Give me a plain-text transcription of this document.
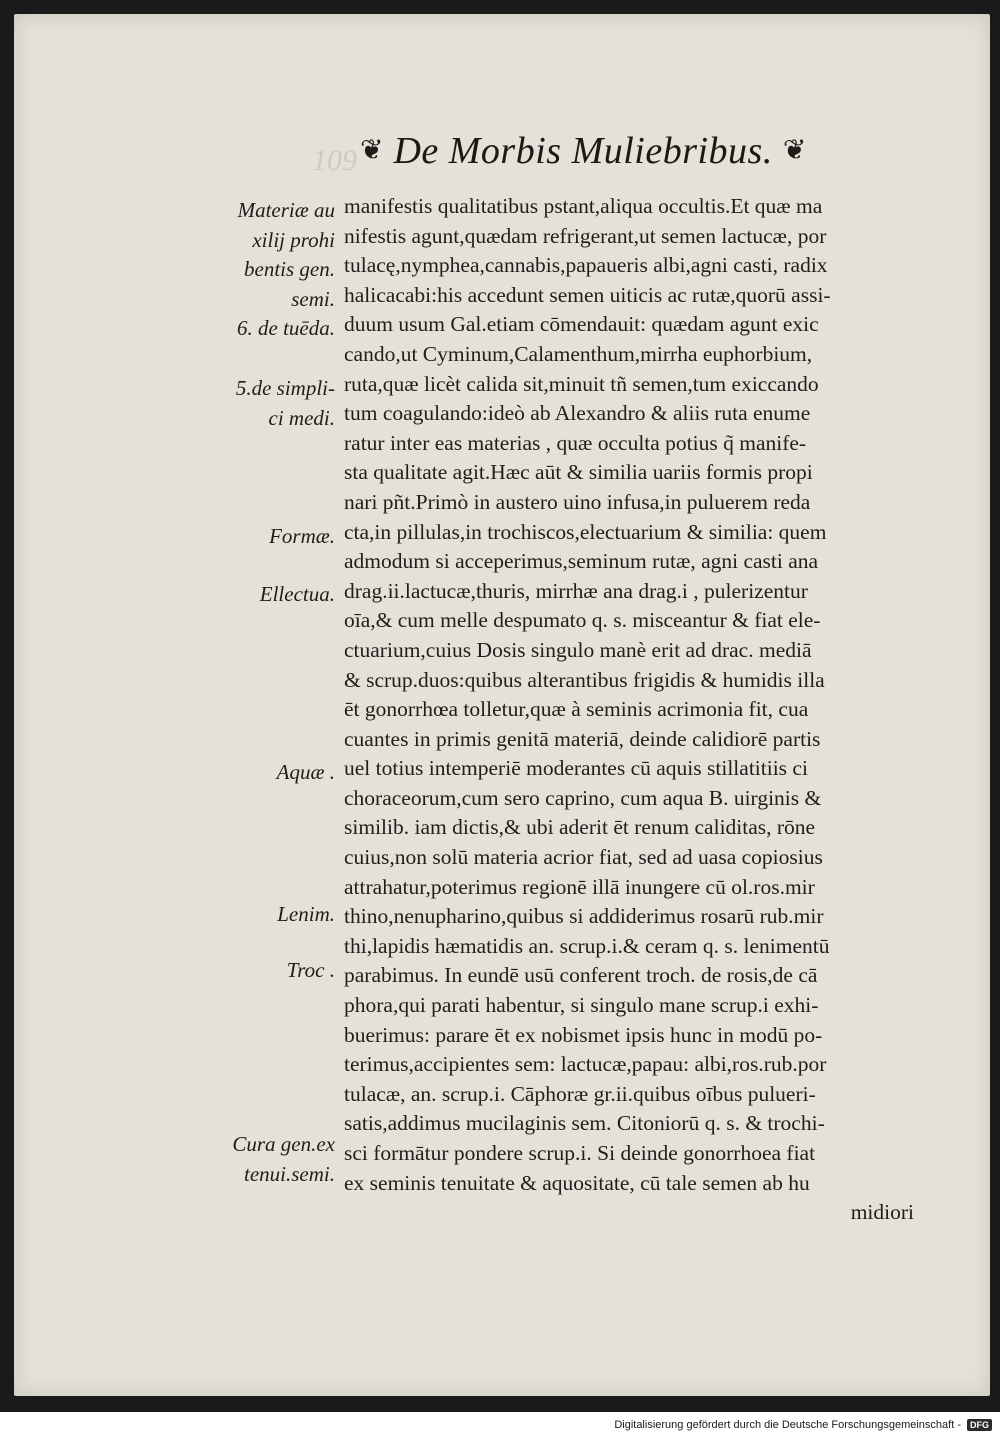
109 ❦ De Morbis Muliebribus. ❦
Materiæ au
xilij prohi
bentis gen.
semi.
6. de tuēda.
5.de simpli-
ci medi.
Formæ.
Ellectua.
Aquæ .
Lenim.
Troc .
Cura gen.ex
tenui.semi.
manifestis qualitatibus pstant,aliqua occultis.Et quæ ma
nifestis agunt,quædam refrigerant,ut semen lactucæ, por
tulacę,nymphea,cannabis,papaueris albi,agni casti, radix
halicacabi:his accedunt semen uiticis ac rutæ,quorū assi-
duum usum Gal.etiam cōmendauit: quædam agunt exic
cando,ut Cyminum,Calamenthum,mirrha euphorbium,
ruta,quæ licèt calida sit,minuit tñ semen,tum exiccando
tum coagulando:ideò ab Alexandro & aliis ruta enume
ratur inter eas materias , quæ occulta potius q̃ manife-
sta qualitate agit.Hæc aūt & similia uariis formis propi
nari pñt.Primò in austero uino infusa,in puluerem reda
cta,in pillulas,in trochiscos,electuarium & similia: quem
admodum si acceperimus,seminum rutæ, agni casti ana
drag.ii.lactucæ,thuris, mirrhæ ana drag.i , pulerizentur
oīa,& cum melle despumato q. s. misceantur & fiat ele-
ctuarium,cuius Dosis singulo manè erit ad drac. mediā
& scrup.duos:quibus alterantibus frigidis & humidis illa
ēt gonorrhœa tolletur,quæ à seminis acrimonia fit, cua
cuantes in primis genitā materiā, deinde calidiorē partis
uel totius intemperiē moderantes cū aquis stillatitiis ci
choraceorum,cum sero caprino, cum aqua B. uirginis &
similib. iam dictis,& ubi aderit ēt renum caliditas, rōne
cuius,non solū materia acrior fiat, sed ad uasa copiosius
attrahatur,poterimus regionē illā inungere cū ol.ros.mir
thino,nenupharino,quibus si addiderimus rosarū rub.mir
thi,lapidis hæmatidis an. scrup.i.& ceram q. s. lenimentū
parabimus. In eundē usū conferent troch. de rosis,de cā
phora,qui parati habentur, si singulo mane scrup.i exhi-
buerimus: parare ēt ex nobismet ipsis hunc in modū po-
terimus,accipientes sem: lactucæ,papau: albi,ros.rub.por
tulacæ, an. scrup.i. Cāphoræ gr.ii.quibus oībus pulueri-
satis,addimus mucilaginis sem. Citoniorū q. s. & trochi-
sci formātur pondere scrup.i. Si deinde gonorrhoea fiat
ex seminis tenuitate & aquositate, cū tale semen ab hu
midiori
Digitalisierung gefördert durch die Deutsche Forschungsgemeinschaft -	DFG
